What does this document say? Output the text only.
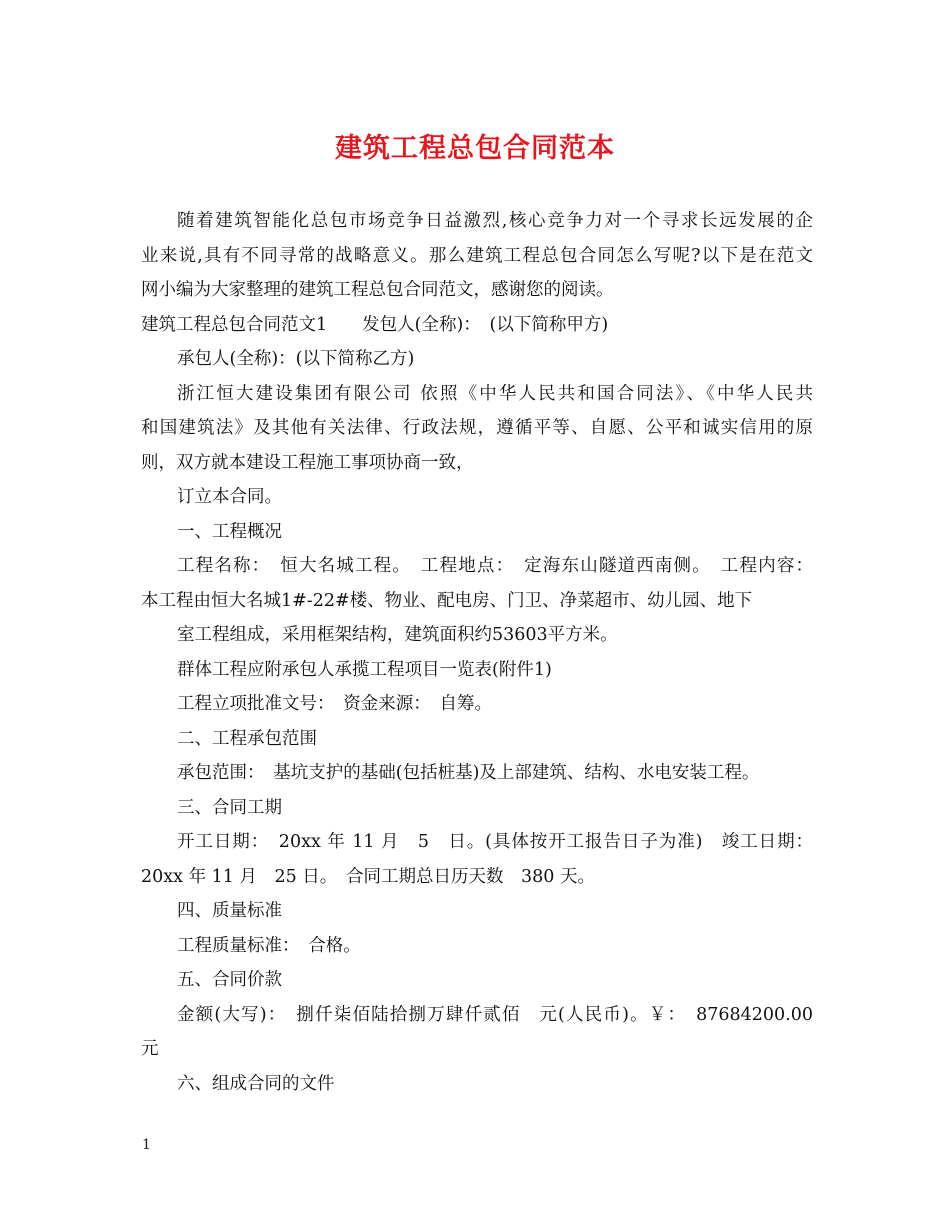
建筑工程总包合同范本

随着建筑智能化总包市场竞争日益激烈,核心竞争力对一个寻求长远发展的企

业来说,具有不同寻常的战略意义。那么建筑工程总包合同怎么写呢?以下是在范文

网小编为大家整理的建筑工程总包合同范文，感谢您的阅读。

建筑工程总包合同范文1　　发包人(全称)：　(以下简称甲方)

承包人(全称)：(以下简称乙方)

浙江恒大建设集团有限公司 依照《中华人民共和国合同法》、《中华人民共

和国建筑法》及其他有关法律、行政法规，遵循平等、自愿、公平和诚实信用的原

则，双方就本建设工程施工事项协商一致，

订立本合同。

一、工程概况

工程名称：　恒大名城工程。　工程地点：　定海东山隧道西南侧。　工程内容：

本工程由恒大名城1#-22#楼、物业、配电房、门卫、净菜超市、幼儿园、地下

室工程组成，采用框架结构，建筑面积约53603平方米。

群体工程应附承包人承揽工程项目一览表(附件1)

工程立项批准文号：　资金来源：　自筹。

二、工程承包范围

承包范围：　基坑支护的基础(包括桩基)及上部建筑、结构、水电安装工程。

三、合同工期

开工日期：　20xx 年 11 月　5　日。(具体按开工报告日子为准)　竣工日期：

20xx 年 11 月　25 日。　合同工期总日历天数　380 天。

四、质量标准

工程质量标准：　合格。

五、合同价款

金额(大写)：　捌仟柒佰陆拾捌万肆仟贰佰　元(人民币)。￥：　87684200.00

元

六、组成合同的文件

1
